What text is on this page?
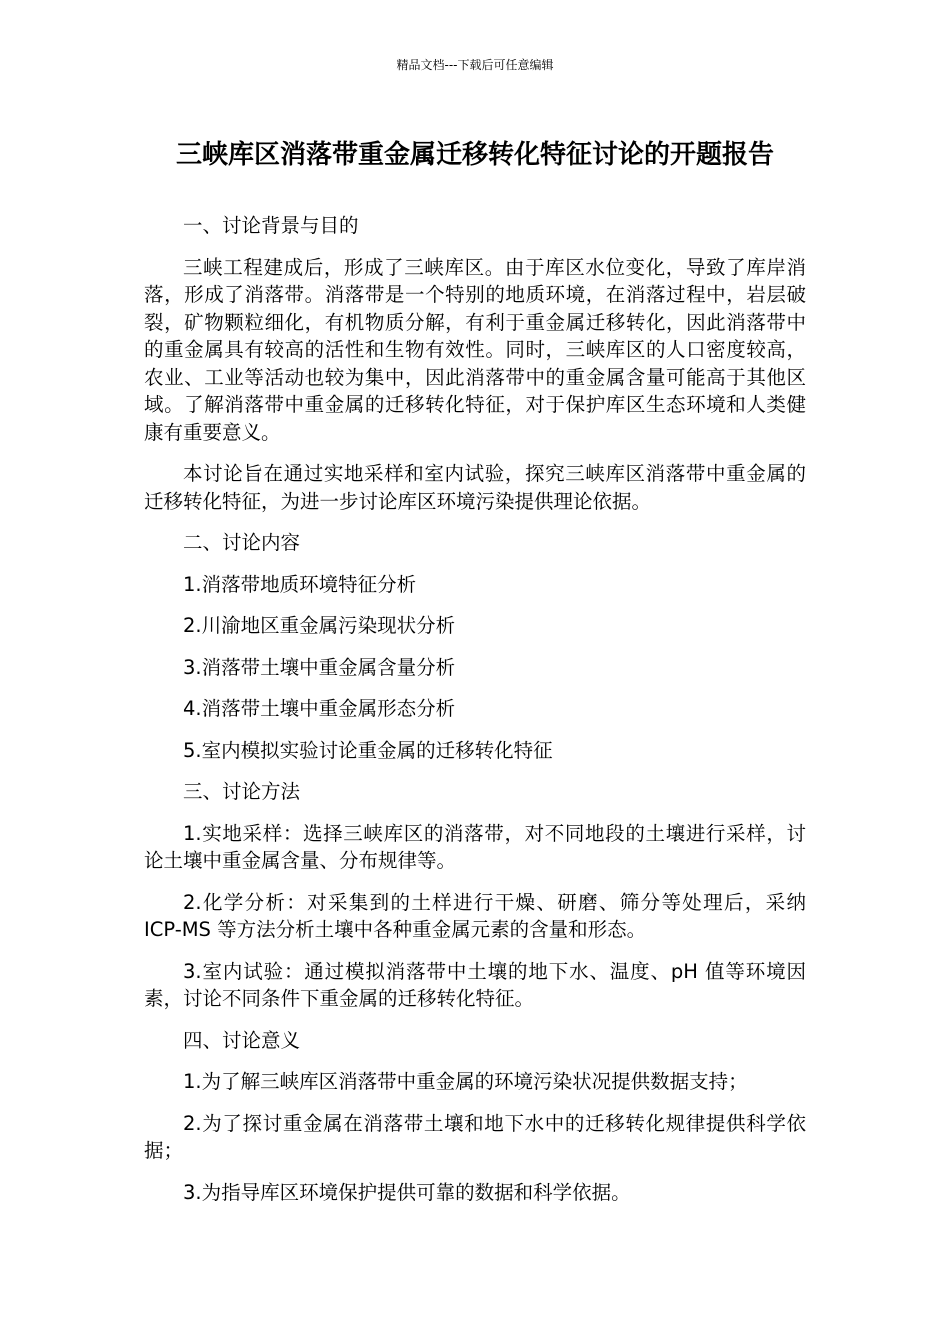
精品文档---下载后可任意编辑
三峡库区消落带重金属迁移转化特征讨论的开题报告

一、讨论背景与目的

三峡工程建成后，形成了三峡库区。由于库区水位变化，导致了库岸消落，形成了消落带。消落带是一个特别的地质环境，在消落过程中，岩层破裂，矿物颗粒细化，有机物质分解，有利于重金属迁移转化，因此消落带中的重金属具有较高的活性和生物有效性。同时，三峡库区的人口密度较高，农业、工业等活动也较为集中，因此消落带中的重金属含量可能高于其他区域。了解消落带中重金属的迁移转化特征，对于保护库区生态环境和人类健康有重要意义。

本讨论旨在通过实地采样和室内试验，探究三峡库区消落带中重金属的迁移转化特征，为进一步讨论库区环境污染提供理论依据。

二、讨论内容

1.消落带地质环境特征分析

2.川渝地区重金属污染现状分析

3.消落带土壤中重金属含量分析

4.消落带土壤中重金属形态分析

5.室内模拟实验讨论重金属的迁移转化特征

三、讨论方法

1.实地采样：选择三峡库区的消落带，对不同地段的土壤进行采样，讨论土壤中重金属含量、分布规律等。

2.化学分析：对采集到的土样进行干燥、研磨、筛分等处理后，采纳 ICP-MS 等方法分析土壤中各种重金属元素的含量和形态。

3.室内试验：通过模拟消落带中土壤的地下水、温度、pH 值等环境因素，讨论不同条件下重金属的迁移转化特征。

四、讨论意义

1.为了解三峡库区消落带中重金属的环境污染状况提供数据支持；

2.为了探讨重金属在消落带土壤和地下水中的迁移转化规律提供科学依据；

3.为指导库区环境保护提供可靠的数据和科学依据。
